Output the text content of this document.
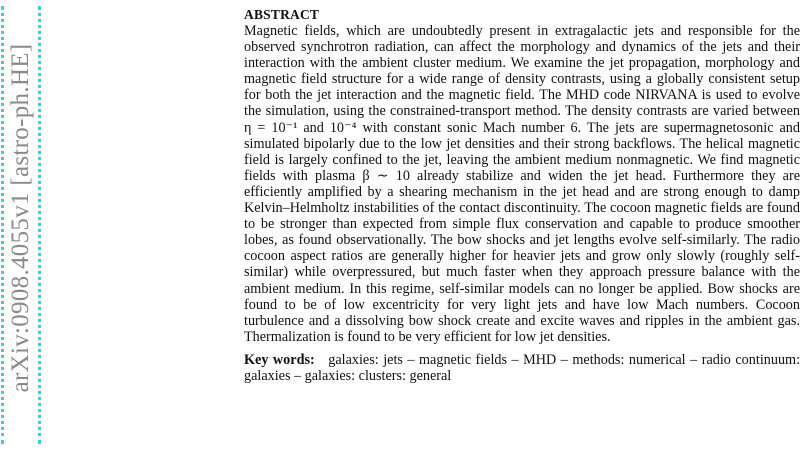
arXiv:0908.4055v1 [astro-ph.HE]
ABSTRACT

Magnetic fields, which are undoubtedly present in extragalactic jets and responsible for the observed synchrotron radiation, can affect the morphology and dynamics of the jets and their interaction with the ambient cluster medium. We examine the jet propagation, morphology and magnetic field structure for a wide range of density contrasts, using a globally consistent setup for both the jet interaction and the magnetic field. The MHD code NIRVANA is used to evolve the simulation, using the constrained-transport method. The density contrasts are varied between η = 10⁻¹ and 10⁻⁴ with constant sonic Mach number 6. The jets are supermagnetosonic and simulated bipolarly due to the low jet densities and their strong backflows. The helical magnetic field is largely confined to the jet, leaving the ambient medium nonmagnetic. We find magnetic fields with plasma β ∼ 10 already stabilize and widen the jet head. Furthermore they are efficiently amplified by a shearing mechanism in the jet head and are strong enough to damp Kelvin–Helmholtz instabilities of the contact discontinuity. The cocoon magnetic fields are found to be stronger than expected from simple flux conservation and capable to produce smoother lobes, as found observationally. The bow shocks and jet lengths evolve self-similarly. The radio cocoon aspect ratios are generally higher for heavier jets and grow only slowly (roughly self-similar) while overpressured, but much faster when they approach pressure balance with the ambient medium. In this regime, self-similar models can no longer be applied. Bow shocks are found to be of low excentricity for very light jets and have low Mach numbers. Cocoon turbulence and a dissolving bow shock create and excite waves and ripples in the ambient gas. Thermalization is found to be very efficient for low jet densities.

Key words: galaxies: jets – magnetic fields – MHD – methods: numerical – radio continuum: galaxies – galaxies: clusters: general
